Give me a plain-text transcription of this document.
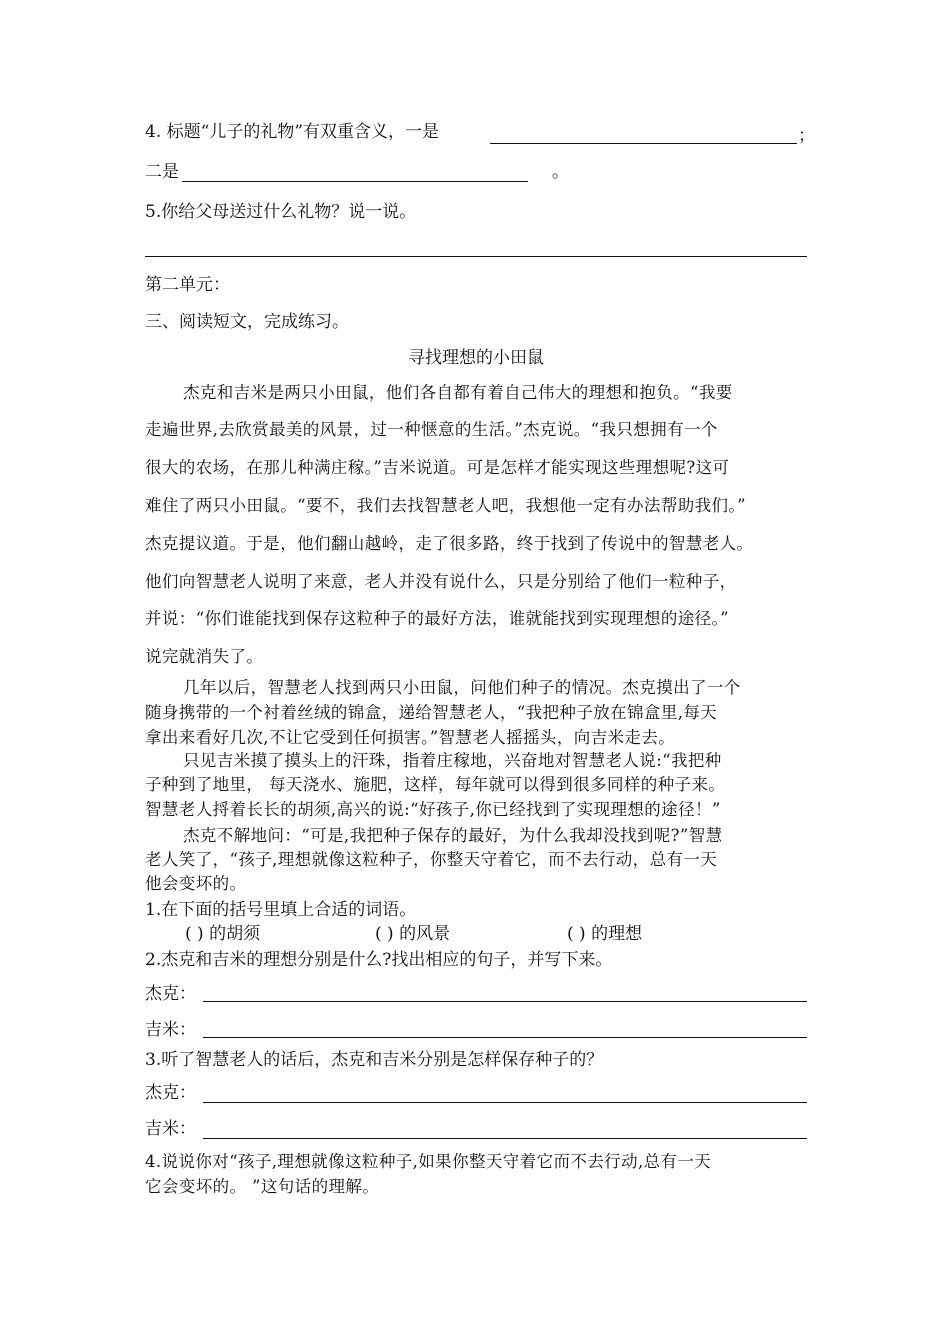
4. 标题“儿子的礼物”有双重含义，一是	；
二是	。
5.你给父母送过什么礼物？说一说。
第二单元：
三、阅读短文，完成练习。
寻找理想的小田鼠
杰克和吉米是两只小田鼠，他们各自都有着自己伟大的理想和抱负。“我要
走遍世界,去欣赏最美的风景，过一种惬意的生活。”杰克说。“我只想拥有一个
很大的农场，在那儿种满庄稼。”吉米说道。可是怎样才能实现这些理想呢?这可
难住了两只小田鼠。“要不，我们去找智慧老人吧，我想他一定有办法帮助我们。”
杰克提议道。于是，他们翻山越岭，走了很多路，终于找到了传说中的智慧老人。
他们向智慧老人说明了来意，老人并没有说什么，只是分别给了他们一粒种子，
并说：“你们谁能找到保存这粒种子的最好方法，谁就能找到实现理想的途径。”
说完就消失了。
几年以后，智慧老人找到两只小田鼠，问他们种子的情况。杰克摸出了一个
随身携带的一个衬着丝绒的锦盒，递给智慧老人，“我把种子放在锦盒里,每天
拿出来看好几次,不让它受到任何损害。”智慧老人摇摇头，向吉米走去。
只见吉米摸了摸头上的汗珠，指着庄稼地，兴奋地对智慧老人说:“我把种
子种到了地里， 每天浇水、施肥，这样，每年就可以得到很多同样的种子来。
智慧老人捋着长长的胡须,高兴的说:“好孩子,你已经找到了实现理想的途径！”
杰克不解地问：“可是,我把种子保存的最好，为什么我却没找到呢?”智慧
老人笑了，“孩子,理想就像这粒种子，你整天守着它，而不去行动，总有一天
他会变坏的。
1.在下面的括号里填上合适的词语。
( ) 的胡须	( ) 的风景	( ) 的理想
2.杰克和吉米的理想分别是什么?找出相应的句子，并写下来。
杰克：
吉米：
3.听了智慧老人的话后，杰克和吉米分别是怎样保存种子的？
杰克：
吉米：
4.说说你对“孩子,理想就像这粒种子,如果你整天守着它而不去行动,总有一天
它会变坏的。 ”这句话的理解。
